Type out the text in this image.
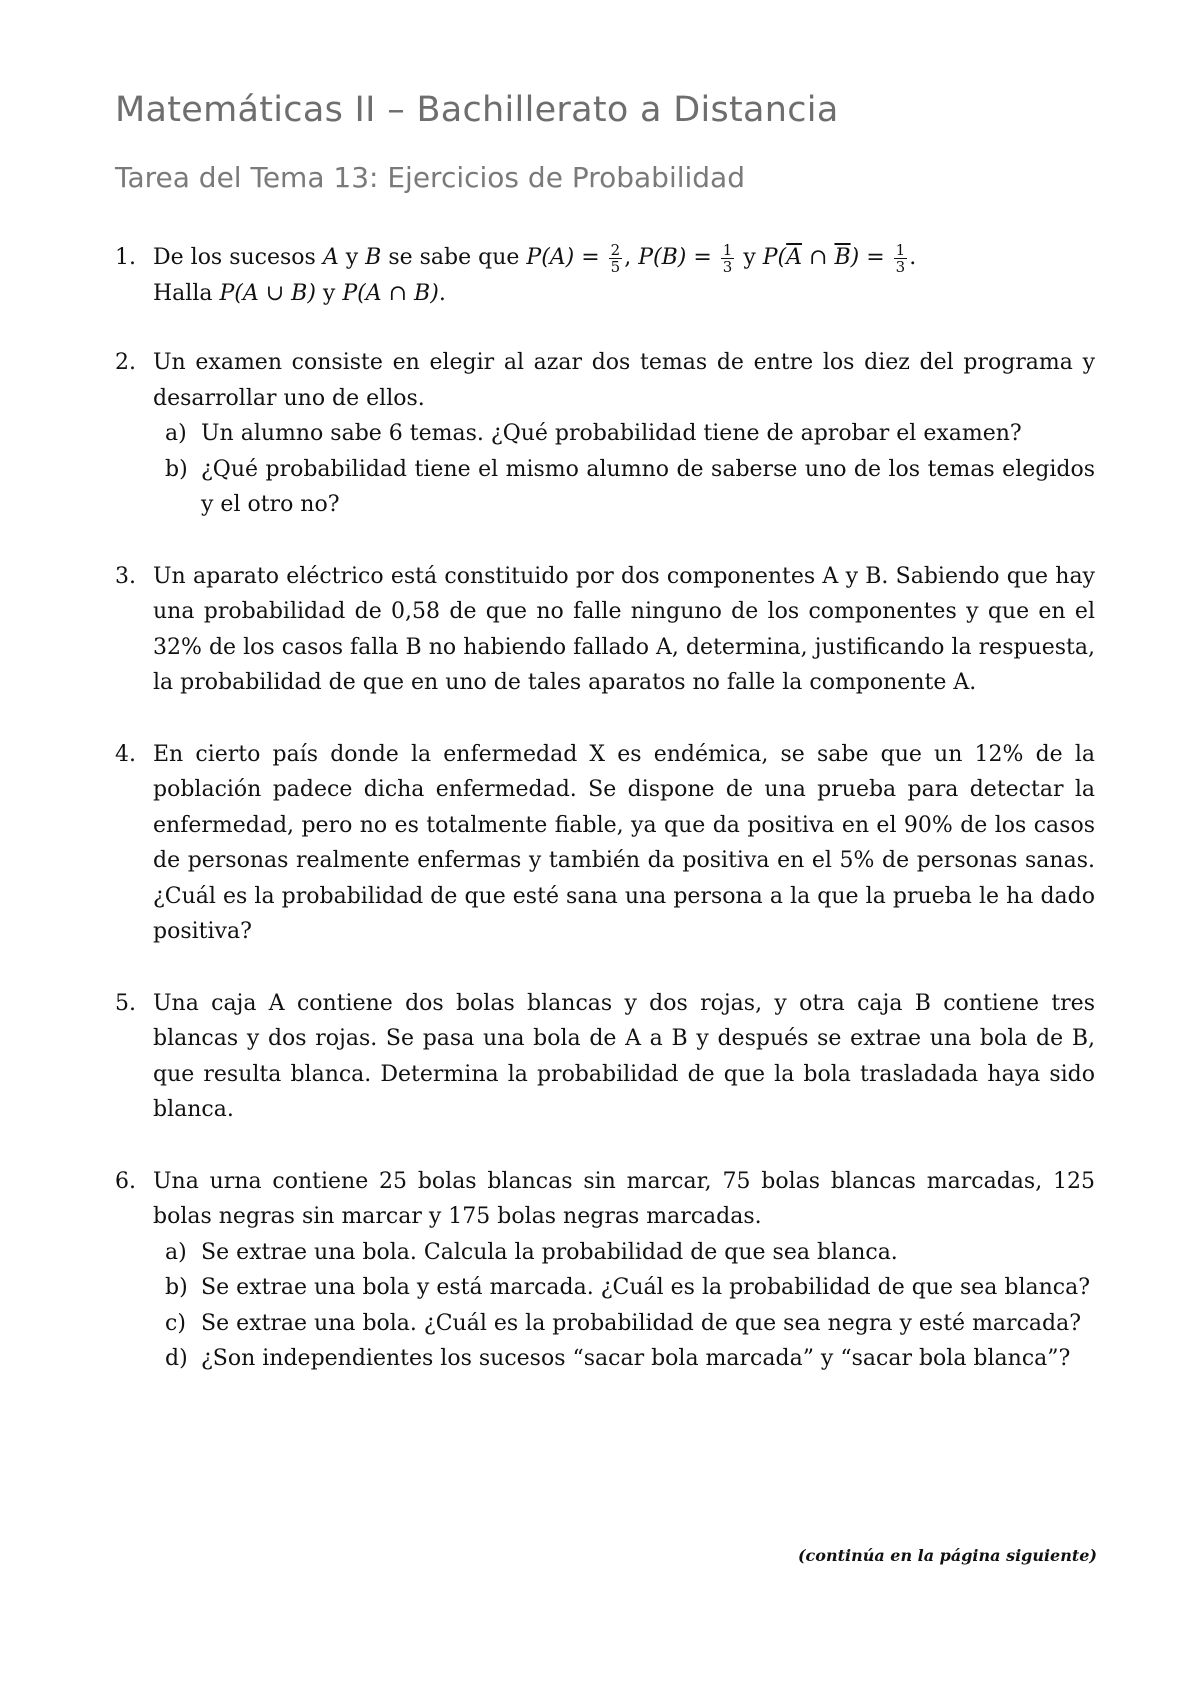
Matemáticas II – Bachillerato a Distancia
Tarea del Tema 13: Ejercicios de Probabilidad
1. De los sucesos A y B se sabe que $P(A) = \frac{2}{5}$ , $P(B) = \frac{1}{3}$ y $P(\overline{A}$ ∩ $\overline{B}) = \frac{1}{3}$ .
Halla P(A ∪ B) y P(A ∩ B).
2. Un examen consiste en elegir al azar dos temas de entre los diez del programa y desarrollar uno de ellos.
a) Un alumno sabe 6 temas. ¿Qué probabilidad tiene de aprobar el examen?
b) ¿Qué probabilidad tiene el mismo alumno de saberse uno de los temas elegidos y el otro no?
3. Un aparato eléctrico está constituido por dos componentes A y B. Sabiendo que hay una probabilidad de 0,58 de que no falle ninguno de los componentes y que en el 32% de los casos falla B no habiendo fallado A, determina, justificando la respuesta, la probabilidad de que en uno de tales aparatos no falle la componente A.
4. En cierto país donde la enfermedad X es endémica, se sabe que un 12% de la población padece dicha enfermedad. Se dispone de una prueba para detectar la enfermedad, pero no es totalmente fiable, ya que da positiva en el 90% de los casos de personas realmente enfermas y también da positiva en el 5% de personas sanas. ¿Cuál es la probabilidad de que esté sana una persona a la que la prueba le ha dado positiva?
5. Una caja A contiene dos bolas blancas y dos rojas, y otra caja B contiene tres blancas y dos rojas. Se pasa una bola de A a B y después se extrae una bola de B, que resulta blanca. Determina la probabilidad de que la bola trasladada haya sido blanca.
6. Una urna contiene 25 bolas blancas sin marcar, 75 bolas blancas marcadas, 125 bolas negras sin marcar y 175 bolas negras marcadas.
a) Se extrae una bola. Calcula la probabilidad de que sea blanca.
b) Se extrae una bola y está marcada. ¿Cuál es la probabilidad de que sea blanca?
c) Se extrae una bola. ¿Cuál es la probabilidad de que sea negra y esté marcada?
d) ¿Son independientes los sucesos “sacar bola marcada” y “sacar bola blanca”?
(continúa en la página siguiente)
